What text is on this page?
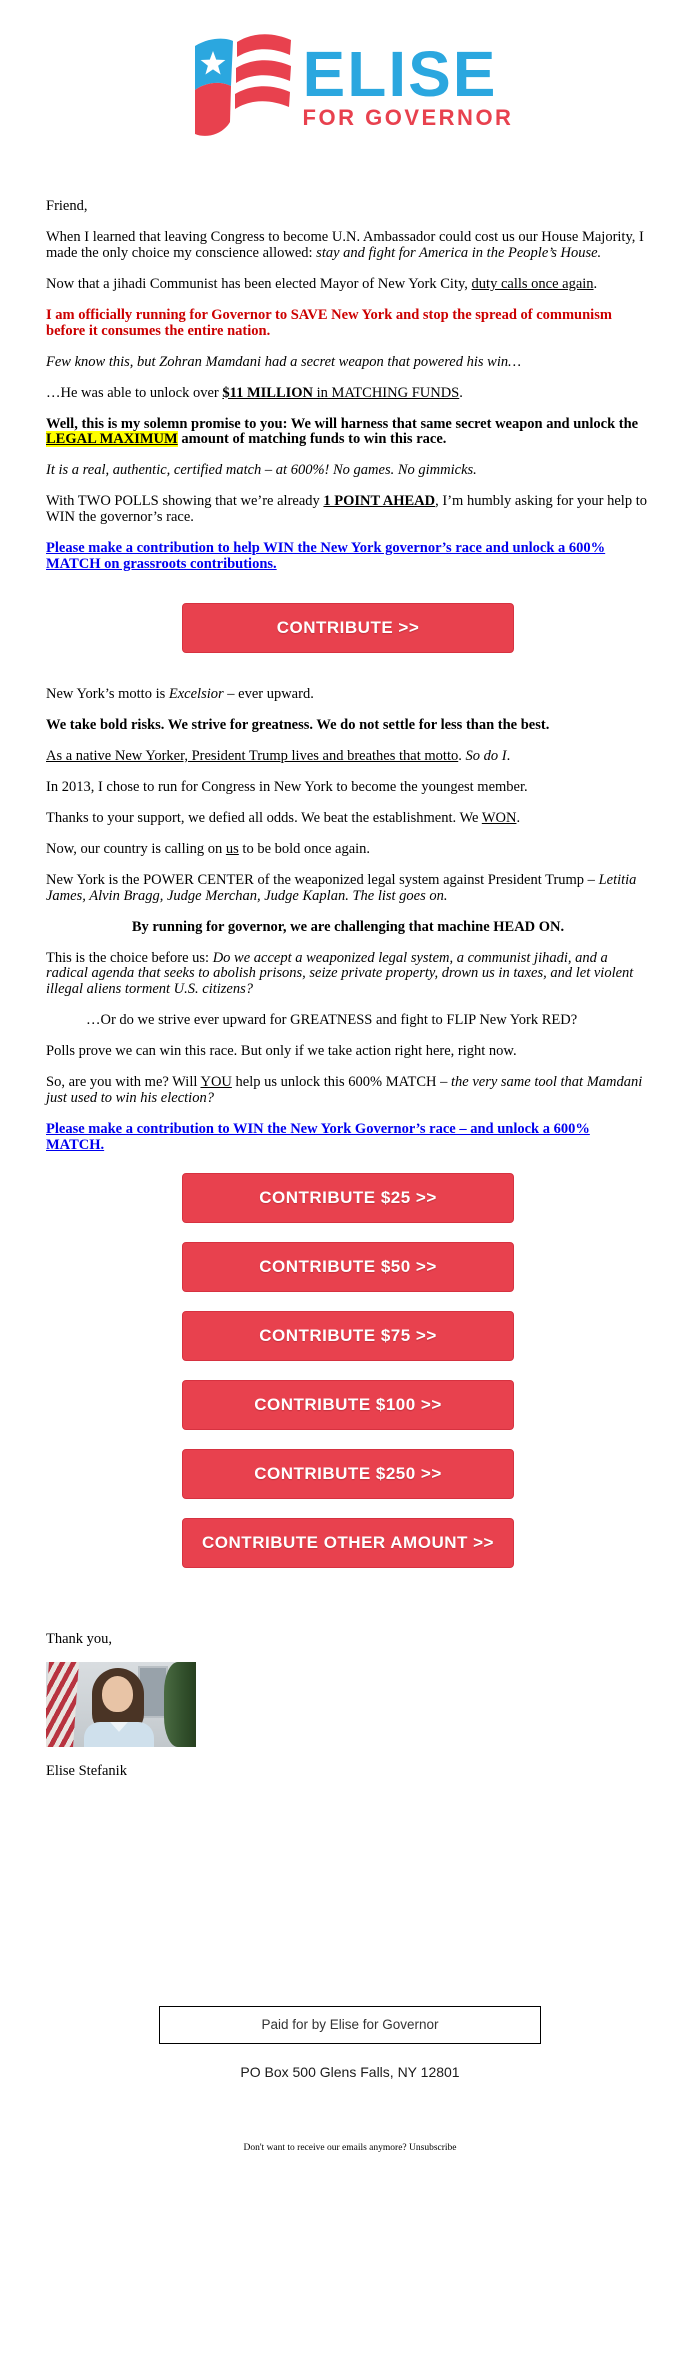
ELISE
FOR GOVERNOR

Friend,

When I learned that leaving Congress to become U.N. Ambassador could cost us our House Majority, I made the only choice my conscience allowed: stay and fight for America in the People’s House.

Now that a jihadi Communist has been elected Mayor of New York City, duty calls once again.

I am officially running for Governor to SAVE New York and stop the spread of communism before it consumes the entire nation.

Few know this, but Zohran Mamdani had a secret weapon that powered his win…

…He was able to unlock over $11 MILLION in MATCHING FUNDS.

Well, this is my solemn promise to you: We will harness that same secret weapon and unlock the LEGAL MAXIMUM amount of matching funds to win this race.

It is a real, authentic, certified match – at 600%! No games. No gimmicks.

With TWO POLLS showing that we’re already 1 POINT AHEAD, I’m humbly asking for your help to WIN the governor’s race.

Please make a contribution to help WIN the New York governor’s race and unlock a 600% MATCH on grassroots contributions.

CONTRIBUTE >>

New York’s motto is Excelsior – ever upward.

We take bold risks. We strive for greatness. We do not settle for less than the best.

As a native New Yorker, President Trump lives and breathes that motto. So do I.

In 2013, I chose to run for Congress in New York to become the youngest member.

Thanks to your support, we defied all odds. We beat the establishment. We WON.

Now, our country is calling on us to be bold once again.

New York is the POWER CENTER of the weaponized legal system against President Trump – Letitia James, Alvin Bragg, Judge Merchan, Judge Kaplan. The list goes on.

By running for governor, we are challenging that machine HEAD ON.

This is the choice before us: Do we accept a weaponized legal system, a communist jihadi, and a radical agenda that seeks to abolish prisons, seize private property, drown us in taxes, and let violent illegal aliens torment U.S. citizens?

…Or do we strive ever upward for GREATNESS and fight to FLIP New York RED?

Polls prove we can win this race. But only if we take action right here, right now.

So, are you with me? Will YOU help us unlock this 600% MATCH – the very same tool that Mamdani just used to win his election?

Please make a contribution to WIN the New York Governor’s race – and unlock a 600% MATCH.

CONTRIBUTE $25 >>
CONTRIBUTE $50 >>
CONTRIBUTE $75 >>
CONTRIBUTE $100 >>
CONTRIBUTE $250 >>
CONTRIBUTE OTHER AMOUNT >>

Thank you,

Elise Stefanik

Paid for by Elise for Governor
PO Box 500 Glens Falls, NY 12801
Don't want to receive our emails anymore? Unsubscribe
